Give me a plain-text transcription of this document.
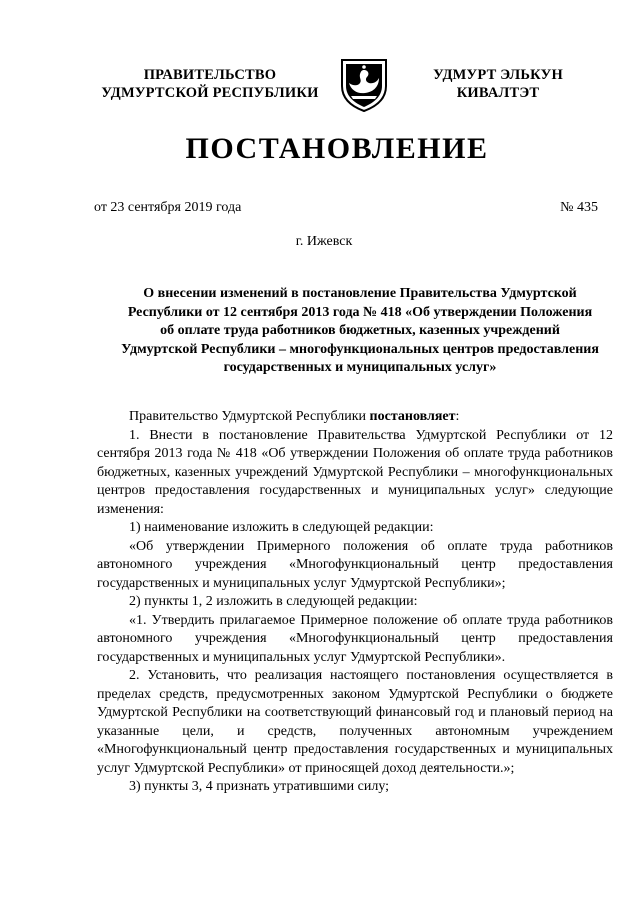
ПРАВИТЕЛЬСТВО
УДМУРТСКОЙ РЕСПУБЛИКИ
УДМУРТ ЭЛЬКУН
КИВАЛТЭТ
ПОСТАНОВЛЕНИЕ
от 23 сентября 2019 года	№ 435
г. Ижевск
О внесении изменений в постановление Правительства Удмуртской
Республики от 12 сентября 2013 года № 418 «Об утверждении Положения
об оплате труда работников бюджетных, казенных учреждений
Удмуртской Республики – многофункциональных центров предоставления
государственных и муниципальных услуг»

Правительство Удмуртской Республики постановляет:

1. Внести в постановление Правительства Удмуртской Республики от 12 сентября 2013 года № 418 «Об утверждении Положения об оплате труда работников бюджетных, казенных учреждений Удмуртской Республики – многофункциональных центров предоставления государственных и муниципальных услуг» следующие изменения:

1) наименование изложить в следующей редакции:

«Об утверждении Примерного положения об оплате труда работников автономного учреждения «Многофункциональный центр предоставления государственных и муниципальных услуг Удмуртской Республики»;

2) пункты 1, 2 изложить в следующей редакции:

«1. Утвердить прилагаемое Примерное положение об оплате труда работников автономного учреждения «Многофункциональный центр предоставления государственных и муниципальных услуг Удмуртской Республики».

2. Установить, что реализация настоящего постановления осуществляется в пределах средств, предусмотренных законом Удмуртской Республики о бюджете Удмуртской Республики на соответствующий финансовый год и плановый период на указанные цели, и средств, полученных автономным учреждением «Многофункциональный центр предоставления государственных и муниципальных услуг Удмуртской Республики» от приносящей доход деятельности.»;

3) пункты 3, 4 признать утратившими силу;
